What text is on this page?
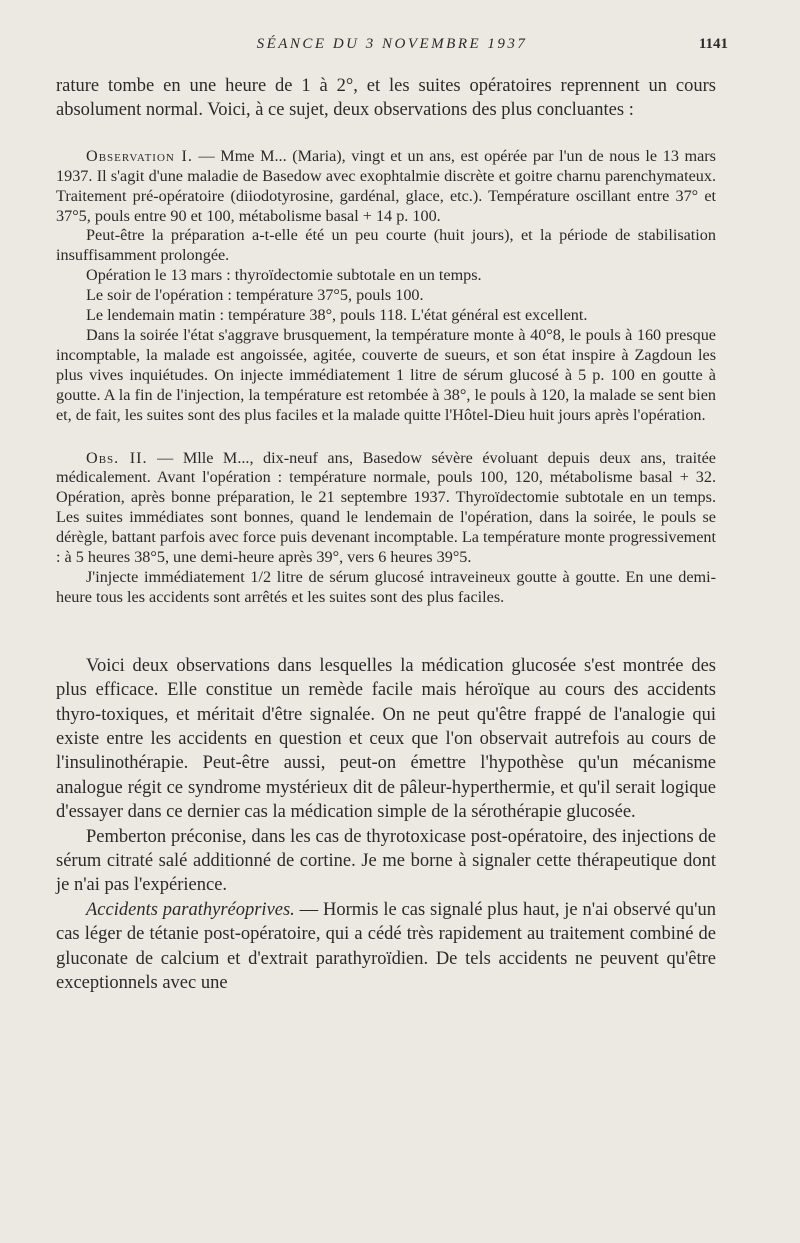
SÉANCE DU 3 NOVEMBRE 1937	1141

rature tombe en une heure de 1 à 2°, et les suites opératoires reprennent un cours absolument normal. Voici, à ce sujet, deux observations des plus concluantes :

Observation I. — Mme M... (Maria), vingt et un ans, est opérée par l'un de nous le 13 mars 1937. Il s'agit d'une maladie de Basedow avec exophtalmie discrète et goitre charnu parenchymateux. Traitement pré-opératoire (diiodotyrosine, gardénal, glace, etc.). Température oscillant entre 37° et 37°5, pouls entre 90 et 100, métabolisme basal + 14 p. 100.

Peut-être la préparation a-t-elle été un peu courte (huit jours), et la période de stabilisation insuffisamment prolongée.

Opération le 13 mars : thyroïdectomie subtotale en un temps.

Le soir de l'opération : température 37°5, pouls 100.

Le lendemain matin : température 38°, pouls 118. L'état général est excellent.

Dans la soirée l'état s'aggrave brusquement, la température monte à 40°8, le pouls à 160 presque incomptable, la malade est angoissée, agitée, couverte de sueurs, et son état inspire à Zagdoun les plus vives inquiétudes. On injecte immédiatement 1 litre de sérum glucosé à 5 p. 100 en goutte à goutte. A la fin de l'injection, la température est retombée à 38°, le pouls à 120, la malade se sent bien et, de fait, les suites sont des plus faciles et la malade quitte l'Hôtel-Dieu huit jours après l'opération.

Obs. II. — Mlle M..., dix-neuf ans, Basedow sévère évoluant depuis deux ans, traitée médicalement. Avant l'opération : température normale, pouls 100, 120, métabolisme basal + 32. Opération, après bonne préparation, le 21 septembre 1937. Thyroïdectomie subtotale en un temps. Les suites immédiates sont bonnes, quand le lendemain de l'opération, dans la soirée, le pouls se dérègle, battant parfois avec force puis devenant incomptable. La température monte progressivement : à 5 heures 38°5, une demi-heure après 39°, vers 6 heures 39°5.

J'injecte immédiatement 1/2 litre de sérum glucosé intraveineux goutte à goutte. En une demi-heure tous les accidents sont arrêtés et les suites sont des plus faciles.

Voici deux observations dans lesquelles la médication glucosée s'est montrée des plus efficace. Elle constitue un remède facile mais héroïque au cours des accidents thyro-toxiques, et méritait d'être signalée. On ne peut qu'être frappé de l'analogie qui existe entre les accidents en question et ceux que l'on observait autrefois au cours de l'insulinothérapie. Peut-être aussi, peut-on émettre l'hypothèse qu'un mécanisme analogue régit ce syndrome mystérieux dit de pâleur-hyperthermie, et qu'il serait logique d'essayer dans ce dernier cas la médication simple de la sérothérapie glucosée.

Pemberton préconise, dans les cas de thyrotoxicase post-opératoire, des injections de sérum citraté salé additionné de cortine. Je me borne à signaler cette thérapeutique dont je n'ai pas l'expérience.

Accidents parathyréoprives. — Hormis le cas signalé plus haut, je n'ai observé qu'un cas léger de tétanie post-opératoire, qui a cédé très rapidement au traitement combiné de gluconate de calcium et d'extrait parathyroïdien. De tels accidents ne peuvent qu'être exceptionnels avec une
